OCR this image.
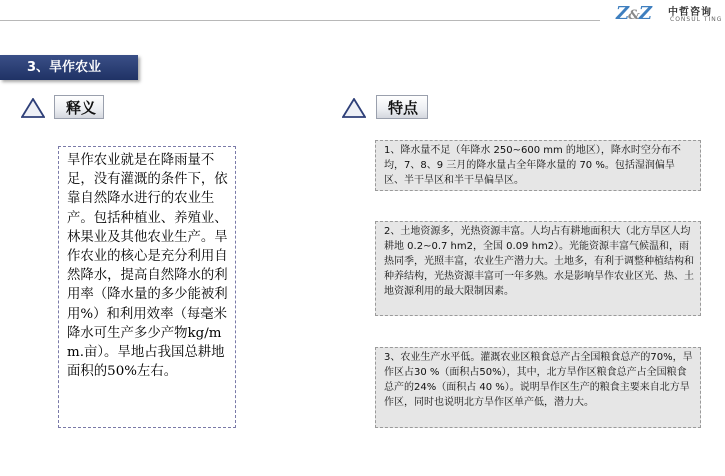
Z&Z 中哲咨询
CONSUL TING
3、旱作农业
释义
旱作农业就是在降雨量不足，没有灌溉的条件下，依靠自然降水进行的农业生产。包括种植业、养殖业、林果业及其他农业生产。旱作农业的核心是充分利用自然降水，提高自然降水的利用率（降水量的多少能被利用%）和利用效率（每毫米降水可生产多少产物kg/mm.亩）。旱地占我国总耕地面积的50%左右。
特点
1、降水量不足（年降水 250~600 mm 的地区），降水时空分布不均，7、8、9 三月的降水量占全年降水量的 70 %。包括湿润偏旱区、半干旱区和半干旱偏旱区。
2、土地资源多，光热资源丰富。人均占有耕地面积大（北方旱区人均耕地 0.2~0.7 hm2，全国 0.09 hm2）。光能资源丰富气候温和，雨热同季，光照丰富，农业生产潜力大。土地多，有利于调整种植结构和种养结构，光热资源丰富可一年多熟。水是影响旱作农业区光、热、土地资源利用的最大限制因素。
3、农业生产水平低。灌溉农业区粮食总产占全国粮食总产的70%，旱作区占30 %（面积占50%），其中，北方旱作区粮食总产占全国粮食总产的24%（面积占 40 %）。说明旱作区生产的粮食主要来自北方旱作区，同时也说明北方旱作区单产低，潜力大。
